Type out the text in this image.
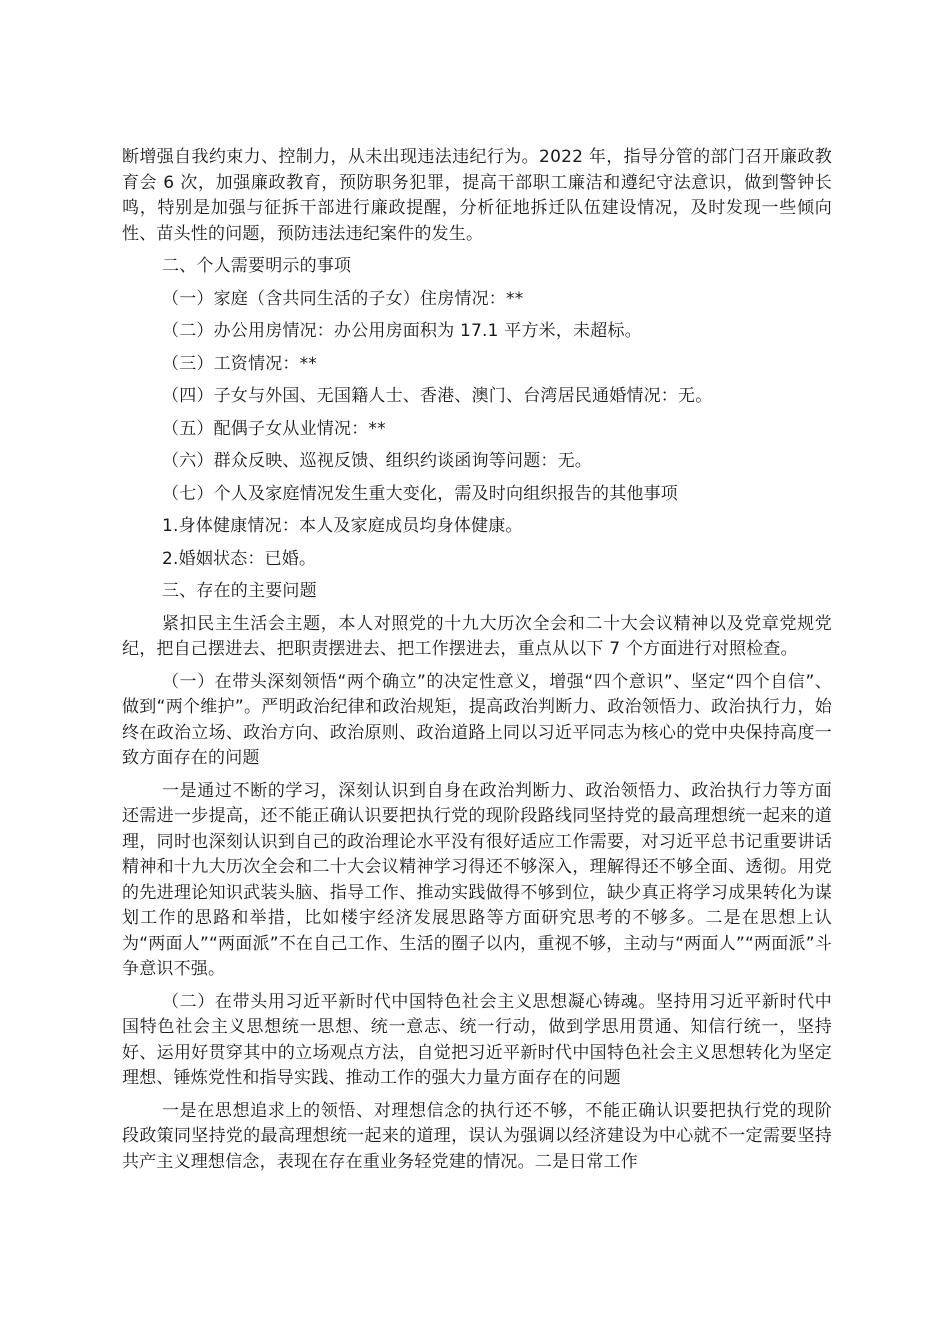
断增强自我约束力、控制力，从未出现违法违纪行为。2022 年，指导分管的部门召开廉政教育会 6 次，加强廉政教育，预防职务犯罪，提高干部职工廉洁和遵纪守法意识，做到警钟长鸣，特别是加强与征拆干部进行廉政提醒，分析征地拆迁队伍建设情况，及时发现一些倾向性、苗头性的问题，预防违法违纪案件的发生。

二、个人需要明示的事项

（一）家庭（含共同生活的子女）住房情况：**

（二）办公用房情况：办公用房面积为 17.1 平方米，未超标。

（三）工资情况：**

（四）子女与外国、无国籍人士、香港、澳门、台湾居民通婚情况：无。

（五）配偶子女从业情况：**

（六）群众反映、巡视反馈、组织约谈函询等问题：无。

（七）个人及家庭情况发生重大变化，需及时向组织报告的其他事项

1.身体健康情况：本人及家庭成员均身体健康。

2.婚姻状态：已婚。

三、存在的主要问题

紧扣民主生活会主题，本人对照党的十九大历次全会和二十大会议精神以及党章党规党纪，把自己摆进去、把职责摆进去、把工作摆进去，重点从以下 7 个方面进行对照检查。

（一）在带头深刻领悟“两个确立”的决定性意义，增强“四个意识”、坚定“四个自信”、做到“两个维护”。严明政治纪律和政治规矩，提高政治判断力、政治领悟力、政治执行力，始终在政治立场、政治方向、政治原则、政治道路上同以习近平同志为核心的党中央保持高度一致方面存在的问题

一是通过不断的学习，深刻认识到自身在政治判断力、政治领悟力、政治执行力等方面还需进一步提高，还不能正确认识要把执行党的现阶段路线同坚持党的最高理想统一起来的道理，同时也深刻认识到自己的政治理论水平没有很好适应工作需要，对习近平总书记重要讲话精神和十九大历次全会和二十大会议精神学习得还不够深入，理解得还不够全面、透彻。用党的先进理论知识武装头脑、指导工作、推动实践做得不够到位，缺少真正将学习成果转化为谋划工作的思路和举措，比如楼宇经济发展思路等方面研究思考的不够多。二是在思想上认为“两面人”“两面派”不在自己工作、生活的圈子以内，重视不够，主动与“两面人”“两面派”斗争意识不强。

（二）在带头用习近平新时代中国特色社会主义思想凝心铸魂。坚持用习近平新时代中国特色社会主义思想统一思想、统一意志、统一行动，做到学思用贯通、知信行统一，坚持好、运用好贯穿其中的立场观点方法，自觉把习近平新时代中国特色社会主义思想转化为坚定理想、锤炼党性和指导实践、推动工作的强大力量方面存在的问题

一是在思想追求上的领悟、对理想信念的执行还不够，不能正确认识要把执行党的现阶段政策同坚持党的最高理想统一起来的道理，误认为强调以经济建设为中心就不一定需要坚持共产主义理想信念，表现在存在重业务轻党建的情况。二是日常工作
